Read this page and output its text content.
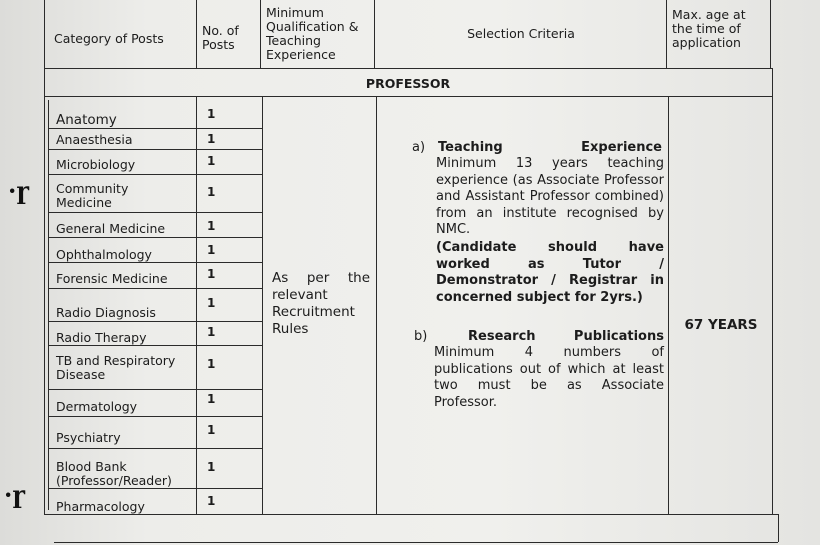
Category of Posts
No. of Posts
Minimum Qualification & Teaching Experience
Selection Criteria
Max. age at the time of application
PROFESSOR
Anatomy
Anaesthesia
Microbiology
Community Medicine
General Medicine
Ophthalmology
Forensic Medicine
Radio Diagnosis
Radio Therapy
TB and Respiratory Disease
Dermatology
Psychiatry
Blood Bank (Professor/Reader)
Pharmacology
1
1
1
1
1
1
1
1
1
1
1
1
1
1
As per the relevant Recruitment Rules
a) Teaching Experience
Minimum 13 years teaching experience (as Associate Professor and Assistant Professor combined) from an institute recognised by NMC.
(Candidate should have worked as Tutor / Demonstrator / Registrar in concerned subject for 2yrs.)
b)	Research Publications
Minimum 4 numbers of publications out of which at least two must be as Associate Professor.
67 YEARS
·ɼ
·ɼ
